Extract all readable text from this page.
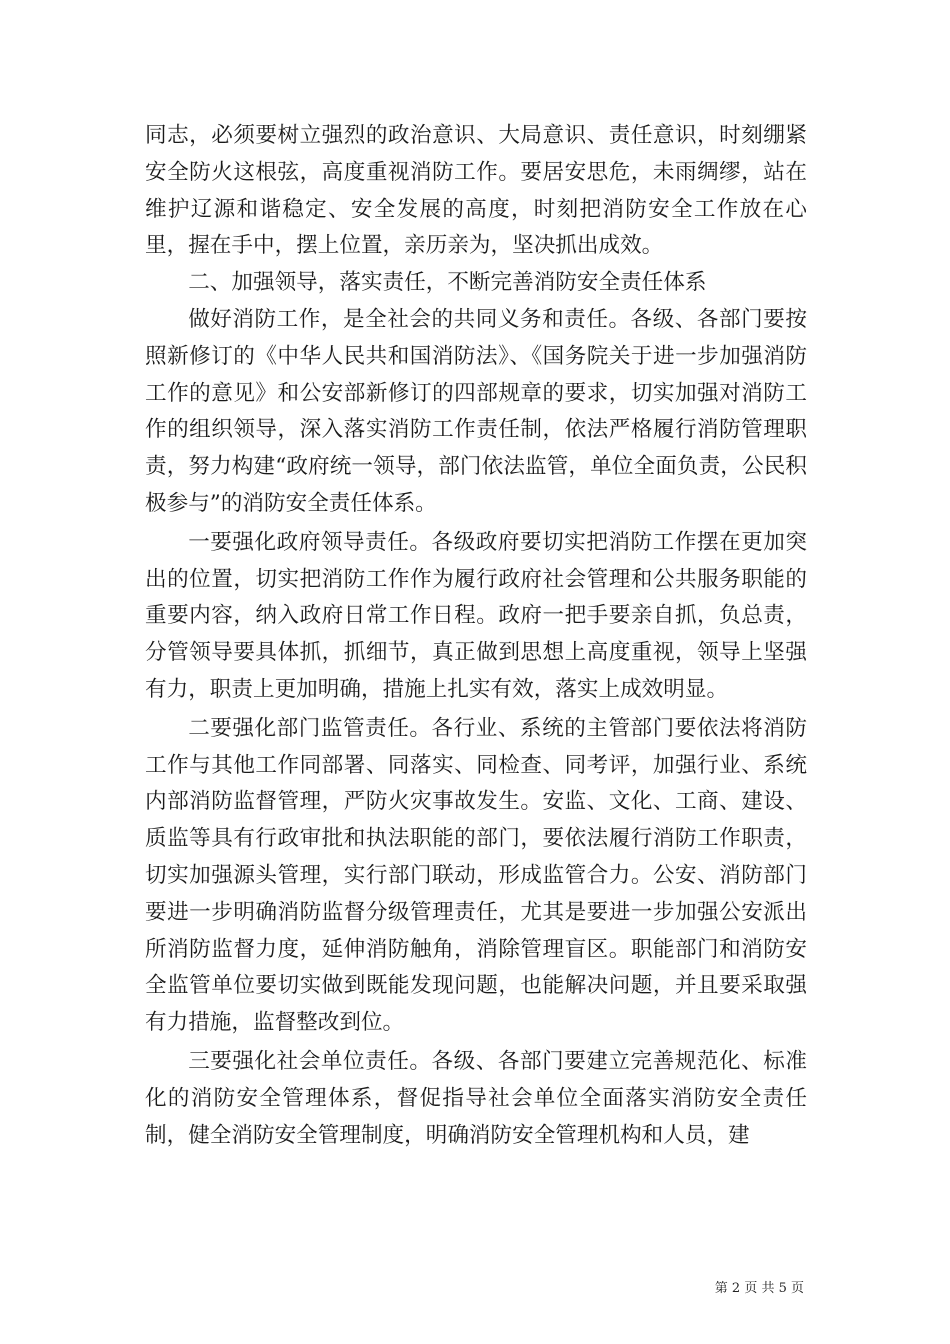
同志，必须要树立强烈的政治意识、大局意识、责任意识，时刻绷紧安全防火这根弦，高度重视消防工作。要居安思危，未雨绸缪，站在维护辽源和谐稳定、安全发展的高度，时刻把消防安全工作放在心里，握在手中，摆上位置，亲历亲为，坚决抓出成效。

二、加强领导，落实责任，不断完善消防安全责任体系

做好消防工作，是全社会的共同义务和责任。各级、各部门要按照新修订的《中华人民共和国消防法》、《国务院关于进一步加强消防工作的意见》和公安部新修订的四部规章的要求，切实加强对消防工作的组织领导，深入落实消防工作责任制，依法严格履行消防管理职责，努力构建“政府统一领导，部门依法监管，单位全面负责，公民积极参与”的消防安全责任体系。

一要强化政府领导责任。各级政府要切实把消防工作摆在更加突出的位置，切实把消防工作作为履行政府社会管理和公共服务职能的重要内容，纳入政府日常工作日程。政府一把手要亲自抓，负总责，分管领导要具体抓，抓细节，真正做到思想上高度重视，领导上坚强有力，职责上更加明确，措施上扎实有效，落实上成效明显。

二要强化部门监管责任。各行业、系统的主管部门要依法将消防工作与其他工作同部署、同落实、同检查、同考评，加强行业、系统内部消防监督管理，严防火灾事故发生。安监、文化、工商、建设、质监等具有行政审批和执法职能的部门，要依法履行消防工作职责，切实加强源头管理，实行部门联动，形成监管合力。公安、消防部门要进一步明确消防监督分级管理责任，尤其是要进一步加强公安派出所消防监督力度，延伸消防触角，消除管理盲区。职能部门和消防安全监管单位要切实做到既能发现问题，也能解决问题，并且要采取强有力措施，监督整改到位。

三要强化社会单位责任。各级、各部门要建立完善规范化、标准化的消防安全管理体系，督促指导社会单位全面落实消防安全责任制，健全消防安全管理制度，明确消防安全管理机构和人员，建

第 2 页 共 5 页
